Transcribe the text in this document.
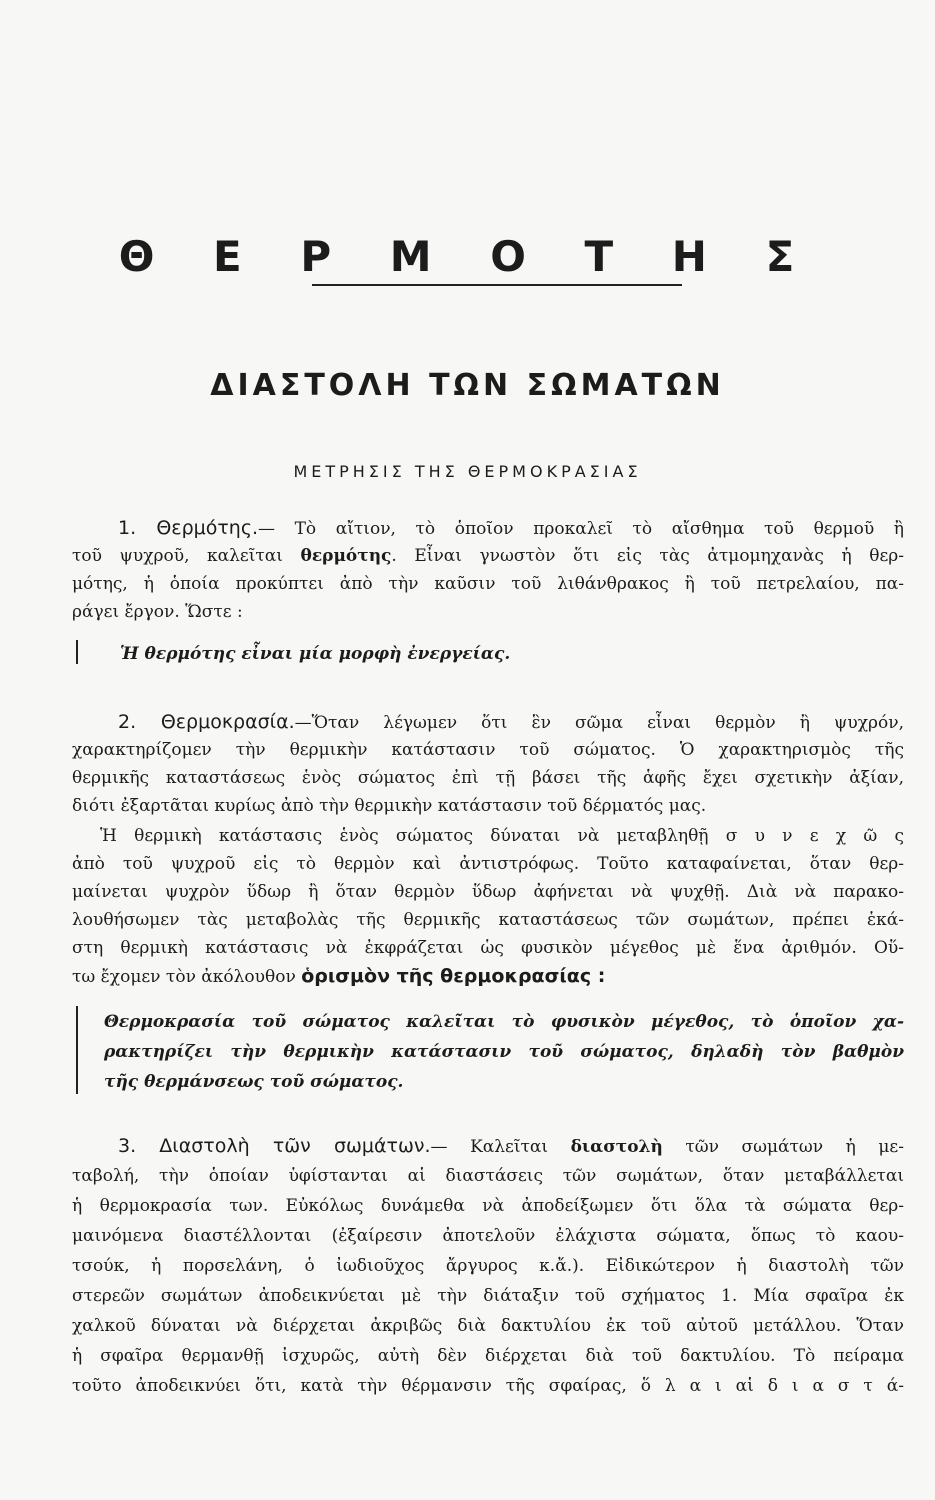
Θ Ε Ρ Μ Ο Τ Η Σ
ΔΙΑΣΤΟΛΗ ΤΩΝ ΣΩΜΑΤΩΝ
ΜΕΤΡΗΣΙΣ ΤΗΣ ΘΕΡΜΟΚΡΑΣΙΑΣ
1. Θερμότης.— Τὸ αἴτιον, τὸ ὁποῖον προκαλεῖ τὸ αἴσθημα τοῦ θερμοῦ ἢ
τοῦ ψυχροῦ, καλεῖται θερμότης. Εἶναι γνωστὸν ὅτι εἰς τὰς ἀτμομηχανὰς ἡ θερ-
μότης, ἡ ὁποία προκύπτει ἀπὸ τὴν καῦσιν τοῦ λιθάνθρακος ἢ τοῦ πετρελαίου, πα-
ράγει ἔργον. Ὥστε :
Ἡ θερμότης εἶναι μία μορφὴ ἐνεργείας.
2. Θερμοκρασία.—Ὅταν λέγωμεν ὅτι ἓν σῶμα εἶναι θερμὸν ἢ ψυχρόν,
χαρακτηρίζομεν τὴν θερμικὴν κατάστασιν τοῦ σώματος. Ὁ χαρακτηρισμὸς τῆς
θερμικῆς καταστάσεως ἑνὸς σώματος ἐπὶ τῇ βάσει τῆς ἁφῆς ἔχει σχετικὴν ἀξίαν,
διότι ἐξαρτᾶται κυρίως ἀπὸ τὴν θερμικὴν κατάστασιν τοῦ δέρματός μας.
Ἡ θερμικὴ κατάστασις ἑνὸς σώματος δύναται νὰ μεταβληθῇ σ υ ν ε χ ῶ ς
ἀπὸ τοῦ ψυχροῦ εἰς τὸ θερμὸν καὶ ἀντιστρόφως. Τοῦτο καταφαίνεται, ὅταν θερ-
μαίνεται ψυχρὸν ὕδωρ ἢ ὅταν θερμὸν ὕδωρ ἀφήνεται νὰ ψυχθῇ. Διὰ νὰ παρακο-
λουθήσωμεν τὰς μεταβολὰς τῆς θερμικῆς καταστάσεως τῶν σωμάτων, πρέπει ἑκά-
στη θερμικὴ κατάστασις νὰ ἐκφράζεται ὡς φυσικὸν μέγεθος μὲ ἕνα ἀριθμόν. Οὕ-
τω ἔχομεν τὸν ἀκόλουθον ὁρισμὸν τῆς θερμοκρασίας :
Θερμοκρασία τοῦ σώματος καλεῖται τὸ φυσικὸν μέγεθος, τὸ ὁποῖον χα-
ρακτηρίζει τὴν θερμικὴν κατάστασιν τοῦ σώματος, δηλαδὴ τὸν βαθμὸν
τῆς θερμάνσεως τοῦ σώματος.
3. Διαστολὴ τῶν σωμάτων.— Καλεῖται διαστολὴ τῶν σωμάτων ἡ με-
ταβολή, τὴν ὁποίαν ὑφίστανται αἱ διαστάσεις τῶν σωμάτων, ὅταν μεταβάλλεται
ἡ θερμοκρασία των. Εὐκόλως δυνάμεθα νὰ ἀποδείξωμεν ὅτι ὅλα τὰ σώματα θερ-
μαινόμενα διαστέλλονται (ἐξαίρεσιν ἀποτελοῦν ἐλάχιστα σώματα, ὅπως τὸ καου-
τσούκ, ἡ πορσελάνη, ὁ ἰωδιοῦχος ἄργυρος κ.ἄ.). Εἰδικώτερον ἡ διαστολὴ τῶν
στερεῶν σωμάτων ἀποδεικνύεται μὲ τὴν διάταξιν τοῦ σχήματος 1. Μία σφαῖρα ἐκ
χαλκοῦ δύναται νὰ διέρχεται ἀκριβῶς διὰ δακτυλίου ἐκ τοῦ αὐτοῦ μετάλλου. Ὅταν
ἡ σφαῖρα θερμανθῇ ἰσχυρῶς, αὐτὴ δὲν διέρχεται διὰ τοῦ δακτυλίου. Τὸ πείραμα
τοῦτο ἀποδεικνύει ὅτι, κατὰ τὴν θέρμανσιν τῆς σφαίρας, ὅ λ α ι αἱ δ ι α σ τ ά-
